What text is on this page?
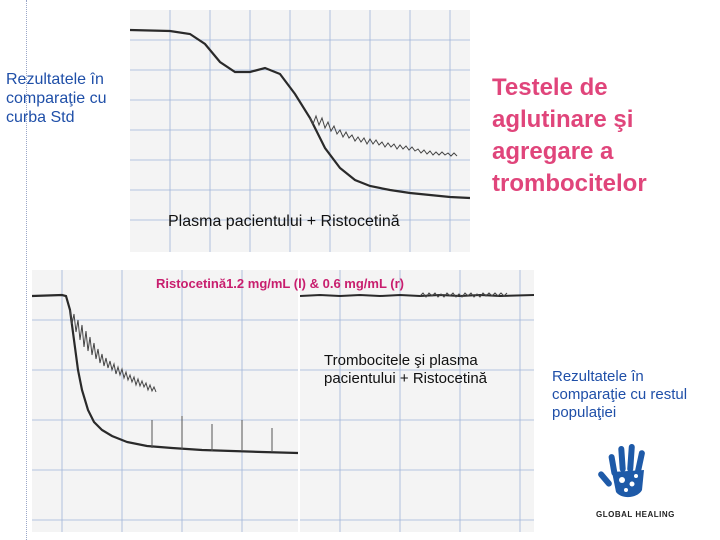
Rezultatele în comparaţie cu curba Std
Testele de aglutinare şi agregare a trombocitelor
Plasma pacientului + Ristocetină
Ristocetină1.2 mg/mL (l) & 0.6 mg/mL (r)
Trombocitele şi plasma pacientului + Ristocetină	Rezultatele în comparaţie cu restul populaţiei
GLOBAL HEALING
